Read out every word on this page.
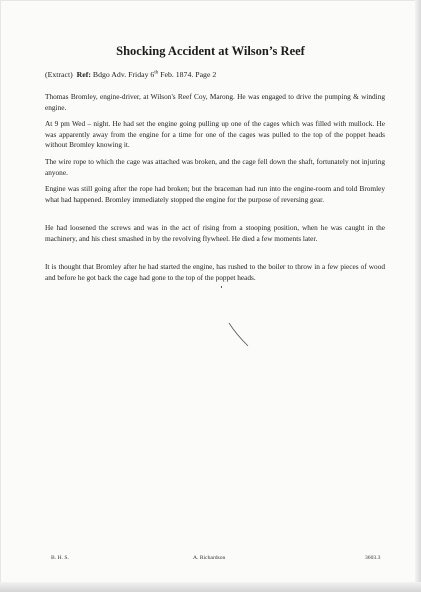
Shocking Accident at Wilson’s Reef
(Extract) Ref: Bdgo Adv. Friday 6th Feb. 1874. Page 2

Thomas Bromley, engine-driver, at Wilson's Reef Coy, Marong. He was engaged to drive the pumping & winding engine.

At 9 pm Wed – night. He had set the engine going pulling up one of the cages which was filled with mullock. He was apparently away from the engine for a time for one of the cages was pulled to the top of the poppet heads without Bromley knowing it.

The wire rope to which the cage was attached was broken, and the cage fell down the shaft, fortunately not injuring anyone.

Engine was still going after the rope had broken; but the braceman had run into the engine-room and told Bromley what had happened. Bromley immediately stopped the engine for the purpose of reversing gear.

He had loosened the screws and was in the act of rising from a stooping position, when he was caught in the machinery, and his chest smashed in by the revolving flywheel. He died a few moments later.

It is thought that Bromley after he had started the engine, has rushed to the boiler to throw in a few pieces of wood and before he got back the cage had gone to the top of the poppet heads.

B. H. S.	A. Richardson	3603.3
